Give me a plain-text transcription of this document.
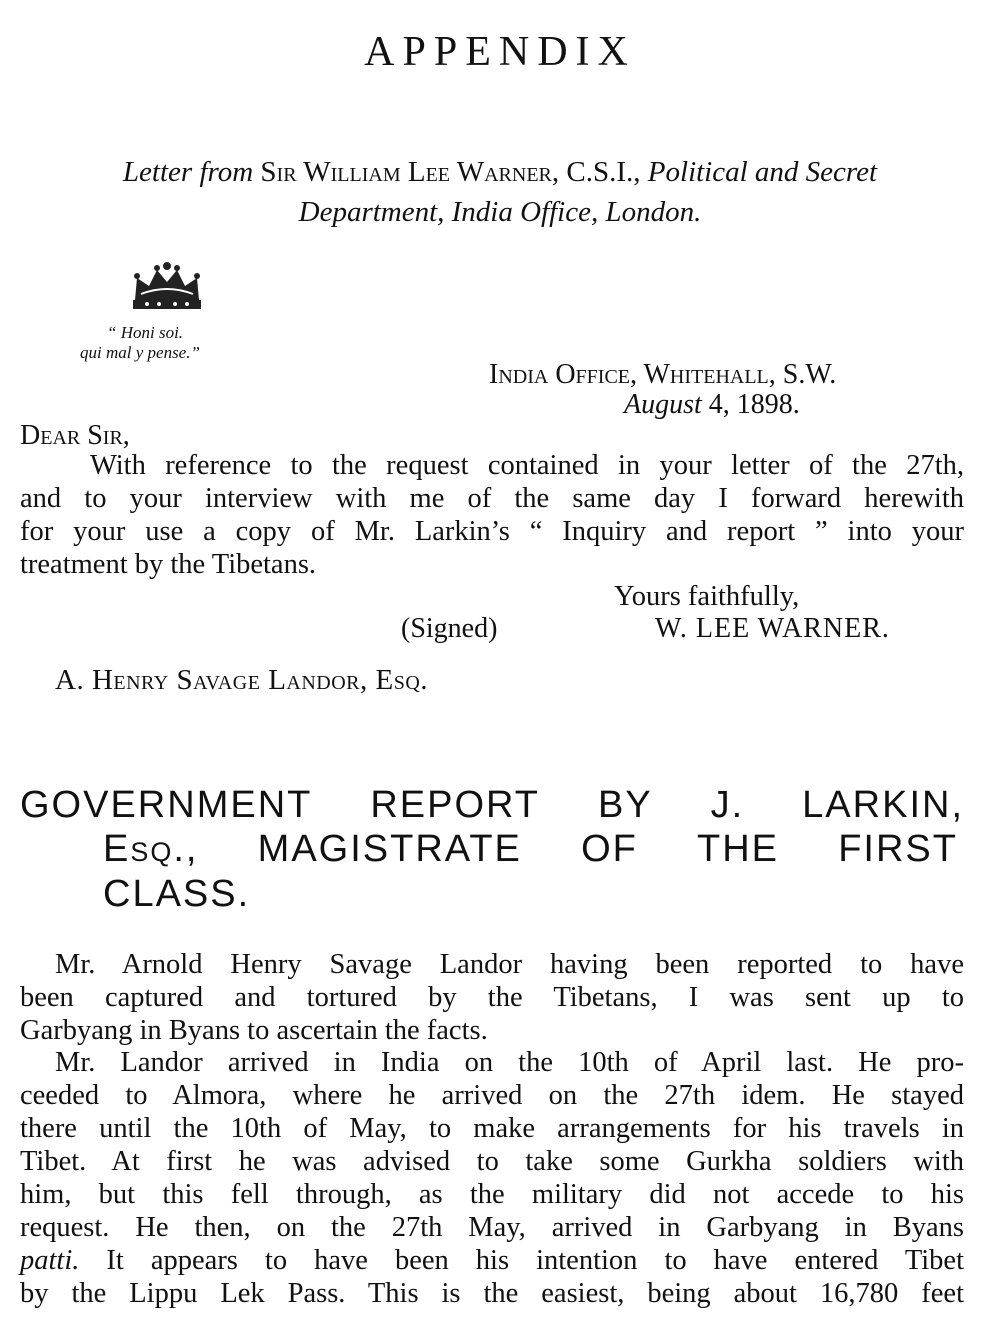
APPENDIX
Letter from Sir William Lee Warner, C.S.I., Political and Secret
Department, India Office, London.
“ Honi soi.
qui mal y pense.”
India Office, Whitehall, S.W.
August 4, 1898.
Dear Sir,
With reference to the request contained in your letter of the 27th,
and to your interview with me of the same day I forward herewith
for your use a copy of Mr. Larkin’s “ Inquiry and report ” into your
treatment by the Tibetans.
Yours faithfully,
(Signed)	W. LEE WARNER.
A. Henry Savage Landor, Esq.
GOVERNMENT REPORT BY J. LARKIN,
Esq., MAGISTRATE OF THE FIRST
CLASS.
Mr. Arnold Henry Savage Landor having been reported to have
been captured and tortured by the Tibetans, I was sent up to
Garbyang in Byans to ascertain the facts.
Mr. Landor arrived in India on the 10th of April last. He pro-
ceeded to Almora, where he arrived on the 27th idem. He stayed
there until the 10th of May, to make arrangements for his travels in
Tibet. At first he was advised to take some Gurkha soldiers with
him, but this fell through, as the military did not accede to his
request. He then, on the 27th May, arrived in Garbyang in Byans
patti. It appears to have been his intention to have entered Tibet
by the Lippu Lek Pass. This is the easiest, being about 16,780 feet
